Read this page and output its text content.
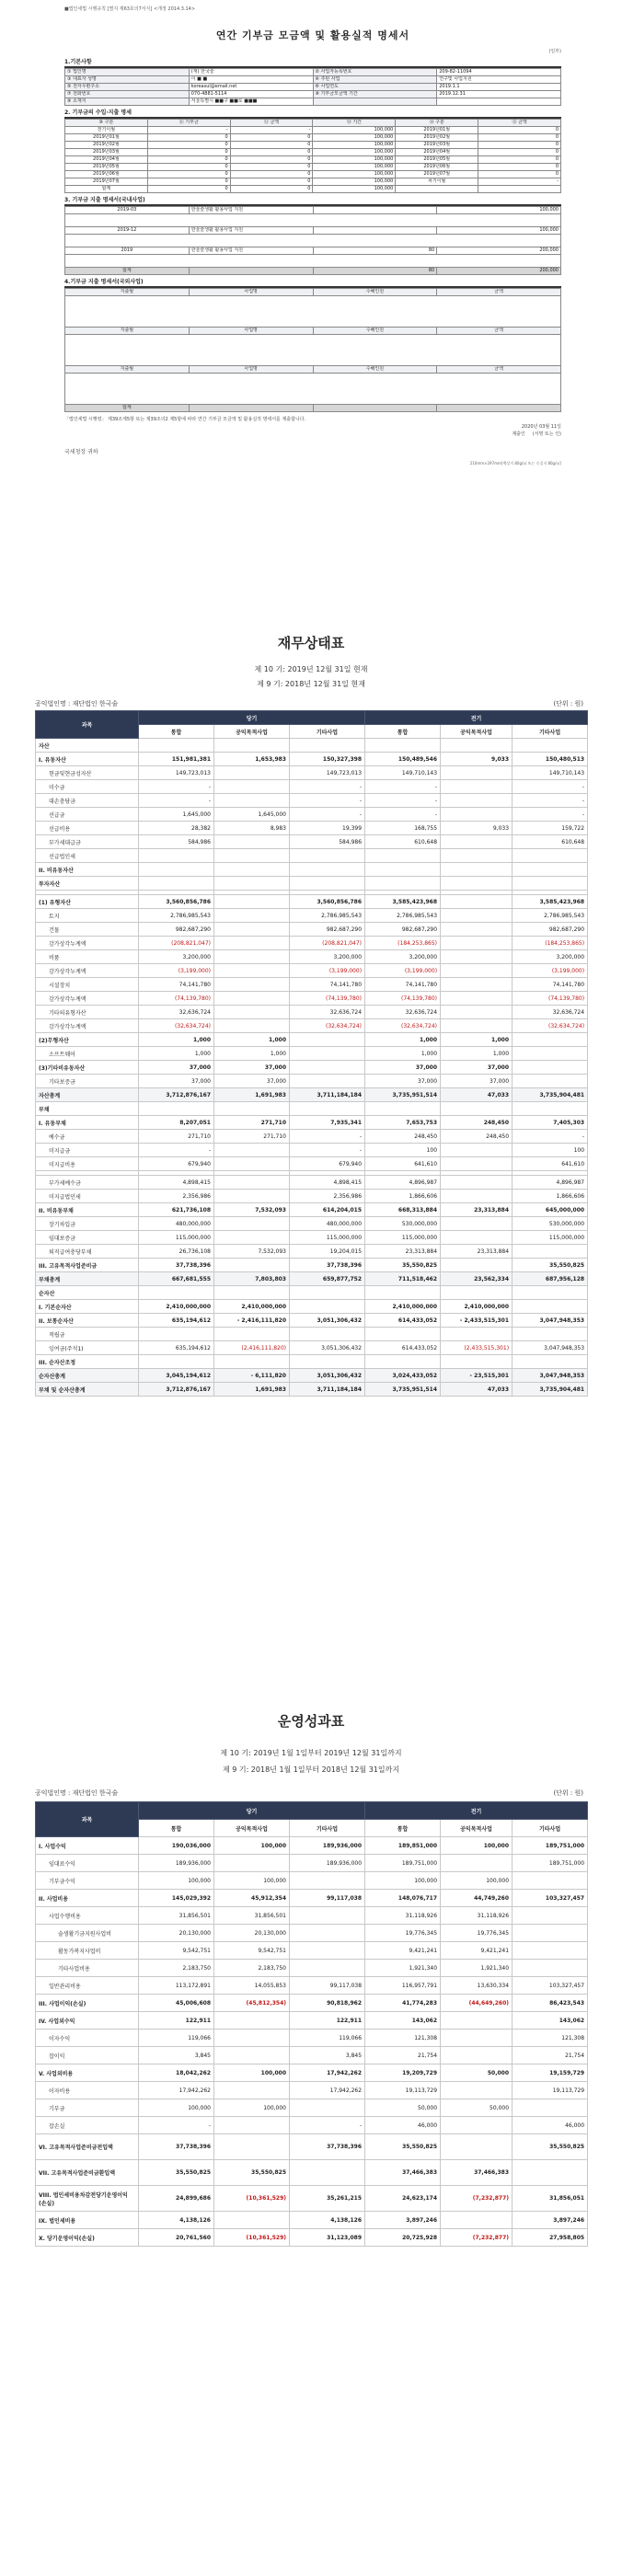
■법인세법 시행규칙 [별지 제63호의7서식] <개정 2014.3.14>
연간 기부금 모금액 및 활용실적 명세서
(일부)
1.기본사항
① 법인명	(재) 한국술	② 사업자등록번호	209-82-11094
③ 대표자 성명	이 ■ ■	④ 주된 사업	연구및 사업지원
⑤ 전자우편주소	koreasul@email.net	⑥ 사업연도	2019.1.1
⑦ 전화번호	070-4881-5114	⑧ 기부금모금액 기간	2019.12.31
⑨ 소재지	서울특별시 ■■구 ■■로 ■■■		
2. 기부금의 수입·지출 명세
⑩ 구분	⑪ 기부금	⑫ 금액	⑬ 기간	⑭ 구분	⑮ 금액
전기이월	-	-	100,000	2019년01월	0
2019년01월	0	0	100,000	2019년02월	0
2019년02월	0	0	100,000	2019년03월	0
2019년03월	0	0	100,000	2019년04월	0
2019년04월	0	0	100,000	2019년05월	0
2019년05월	0	0	100,000	2019년06월	0
2019년06월	0	0	100,000	2019년07월	0
2019년07월	0	0	100,000	차기이월	-
합계	0	0	100,000		
3. 기부금 지출 명세서(국내사업)
2019-03	한울술생활 활용사업 지원		100,000

2019-12	한울술생활 활용사업 지원		100,000

2019	한울술생활 활용사업 지원	80	200,000

합계		80	200,000
4.기부금 지출 명세서(국외사업)
지출월	사업명	수혜인원	금액

지출월	사업명	수혜인원	금액

지출월	사업명	수혜인원	금액

합계			
「법인세법 시행령」 제39조제5항 또는 제39조의2 제5항에 따라 연간 기부금 모금액 및 활용실적 명세서를 제출합니다.
2020년 03월 11일
제출인 (서명 또는 인)
국세청장 귀하
210mm×297mm[백상지 80g/㎡ 또는 중질지 80g/㎡]
재무상태표
제 10 기: 2019년 12월 31일 현재
제 9 기: 2018년 12월 31일 현재
공익법인명 : 재단법인 한국술	(단위 : 원)
과목	당기			전기		
	통합	공익목적사업	기타사업	통합	공익목적사업	기타사업
자산						
I. 유동자산	151,981,381	1,653,983	150,327,398	150,489,546	9,033	150,480,513
현금및현금성자산	149,723,013		149,723,013	149,710,143		149,710,143
미수금	-		-	-		-
대손충당금	-		-	-		-
선급금	1,645,000	1,645,000	-	-		-
선급비용	28,382	8,983	19,399	168,755	9,033	159,722
부가세대급금	584,986		584,986	610,648		610,648
선급법인세						
II. 비유동자산						
투자자산						

(1) 유형자산	3,560,856,786		3,560,856,786	3,585,423,968		3,585,423,968
토지	2,786,985,543		2,786,985,543	2,786,985,543		2,786,985,543
건물	982,687,290		982,687,290	982,687,290		982,687,290
감가상각누계액	(208,821,047)		(208,821,047)	(184,253,865)		(184,253,865)
비품	3,200,000		3,200,000	3,200,000		3,200,000
감가상각누계액	(3,199,000)		(3,199,000)	(3,199,000)		(3,199,000)
시설장치	74,141,780		74,141,780	74,141,780		74,141,780
감가상각누계액	(74,139,780)		(74,139,780)	(74,139,780)		(74,139,780)
기타의유형자산	32,636,724		32,636,724	32,636,724		32,636,724
감가상각누계액	(32,634,724)		(32,634,724)	(32,634,724)		(32,634,724)
(2)무형자산	1,000	1,000		1,000	1,000	
소프트웨어	1,000	1,000		1,000	1,000	
(3)기타비유동자산	37,000	37,000		37,000	37,000	
기타보증금	37,000	37,000		37,000	37,000	
자산총계	3,712,876,167	1,691,983	3,711,184,184	3,735,951,514	47,033	3,735,904,481
부채						
I. 유동부채	8,207,051	271,710	7,935,341	7,653,753	248,450	7,405,303
예수금	271,710	271,710	-	248,450	248,450	-
미지급금	-		-	100		100
미지급비용	679,940		679,940	641,610		641,610

부가세예수금	4,898,415		4,898,415	4,896,987		4,896,987
미지급법인세	2,356,986		2,356,986	1,866,606		1,866,606
II. 비유동부채	621,736,108	7,532,093	614,204,015	668,313,884	23,313,884	645,000,000
장기차입금	480,000,000		480,000,000	530,000,000		530,000,000
임대보증금	115,000,000		115,000,000	115,000,000		115,000,000
퇴직급여충당부채	26,736,108	7,532,093	19,204,015	23,313,884	23,313,884	
III. 고유목적사업준비금	37,738,396		37,738,396	35,550,825		35,550,825
부채총계	667,681,555	7,803,803	659,877,752	711,518,462	23,562,334	687,956,128
순자산						
I. 기본순자산	2,410,000,000	2,410,000,000		2,410,000,000	2,410,000,000	
II. 보통순자산	635,194,612	- 2,416,111,820	3,051,306,432	614,433,052	- 2,433,515,301	3,047,948,353
적립금						
잉여금(주석1)	635,194,612	(2,416,111,820)	3,051,306,432	614,433,052	(2,433,515,301)	3,047,948,353
III. 순자산조정						
순자산총계	3,045,194,612	- 6,111,820	3,051,306,432	3,024,433,052	- 23,515,301	3,047,948,353
부채 및 순자산총계	3,712,876,167	1,691,983	3,711,184,184	3,735,951,514	47,033	3,735,904,481
운영성과표
제 10 기: 2019년 1월 1일부터 2019년 12월 31일까지
제 9 기: 2018년 1월 1일부터 2018년 12월 31일까지
공익법인명 : 재단법인 한국술	(단위 : 원)
과목	당기			전기		
	통합	공익목적사업	기타사업	통합	공익목적사업	기타사업
I. 사업수익	190,036,000	100,000	189,936,000	189,851,000	100,000	189,751,000
임대료수익	189,936,000		189,936,000	189,751,000		189,751,000
기부금수익	100,000	100,000		100,000	100,000	
II. 사업비용	145,029,392	45,912,354	99,117,038	148,076,717	44,749,260	103,327,457
사업수행비용	31,856,501	31,856,501		31,118,926	31,118,926	
술생활기금지원사업비	20,130,000	20,130,000		19,776,345	19,776,345	
활동가복지사업비	9,542,751	9,542,751		9,421,241	9,421,241	
기타사업비용	2,183,750	2,183,750		1,921,340	1,921,340	
일반관리비용	113,172,891	14,055,853	99,117,038	116,957,791	13,630,334	103,327,457
III. 사업이익(손실)	45,006,608	(45,812,354)	90,818,962	41,774,283	(44,649,260)	86,423,543
IV. 사업외수익	122,911		122,911	143,062		143,062
이자수익	119,066		119,066	121,308		121,308
잡이익	3,845		3,845	21,754		21,754
V. 사업외비용	18,042,262	100,000	17,942,262	19,209,729	50,000	19,159,729
이자비용	17,942,262		17,942,262	19,113,729		19,113,729
기부금	100,000	100,000		50,000	50,000	
잡손실	-		-	46,000		46,000
VI. 고유목적사업준비금전입액	37,738,396		37,738,396	35,550,825		35,550,825
VII. 고유목적사업준비금환입액	35,550,825	35,550,825		37,466,383	37,466,383	
VIII. 법인세비용차감전당기운영이익(손실)	24,899,686	(10,361,529)	35,261,215	24,623,174	(7,232,877)	31,856,051
IX. 법인세비용	4,138,126		4,138,126	3,897,246		3,897,246
X. 당기운영이익(손실)	20,761,560	(10,361,529)	31,123,089	20,725,928	(7,232,877)	27,958,805
